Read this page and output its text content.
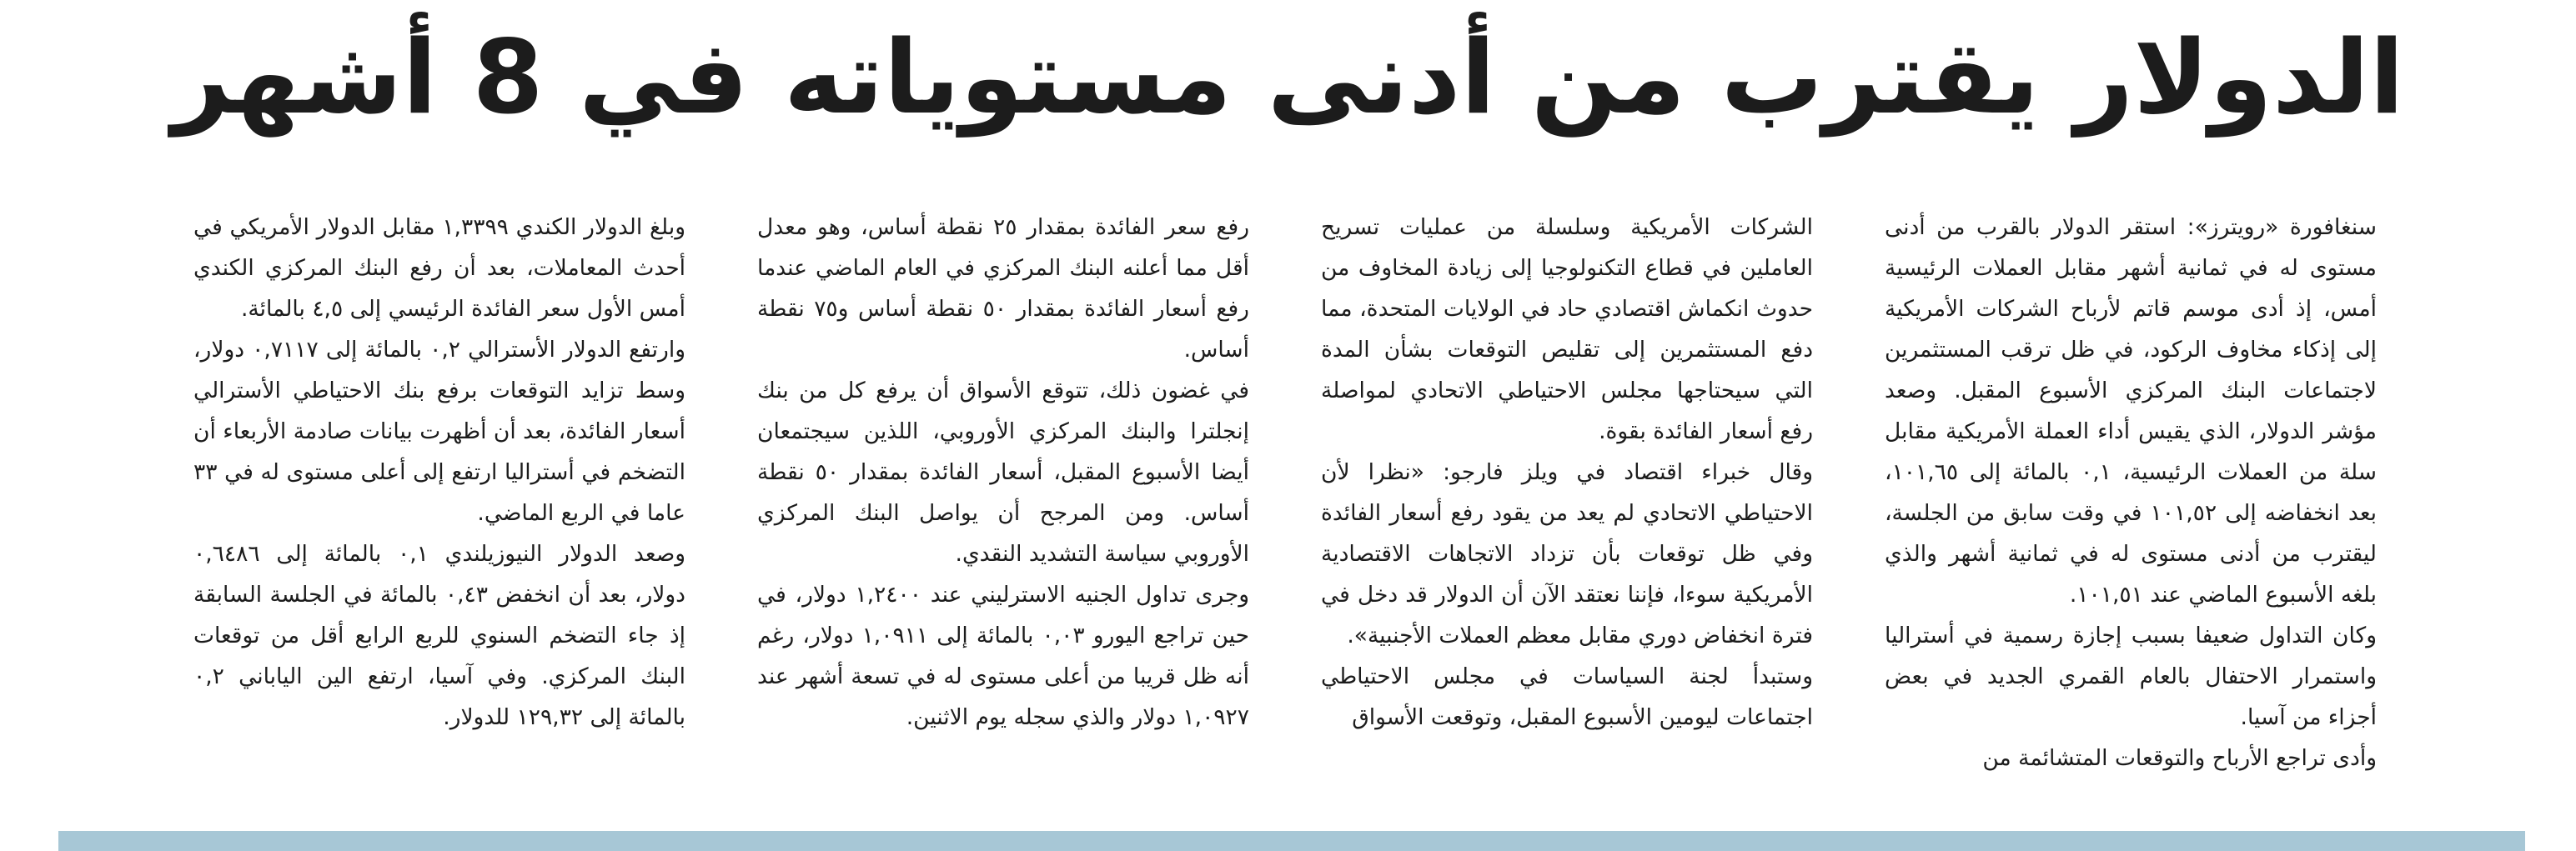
الدولار يقترب من أدنى مستوياته في 8 أشهر

سنغافورة «رويترز»: استقر الدولار بالقرب من أدنى مستوى له في ثمانية أشهر مقابل العملات الرئيسية أمس، إذ أدى موسم قاتم لأرباح الشركات الأمريكية إلى إذكاء مخاوف الركود، في ظل ترقب المستثمرين لاجتماعات البنك المركزي الأسبوع المقبل. وصعد مؤشر الدولار، الذي يقيس أداء العملة الأمريكية مقابل سلة من العملات الرئيسية، ٠,١ بالمائة إلى ١٠١,٦٥، بعد انخفاضه إلى ١٠١,٥٢ في وقت سابق من الجلسة، ليقترب من أدنى مستوى له في ثمانية أشهر والذي بلغه الأسبوع الماضي عند ١٠١,٥١.

وكان التداول ضعيفا بسبب إجازة رسمية في أستراليا واستمرار الاحتفال بالعام القمري الجديد في بعض أجزاء من آسيا.

وأدى تراجع الأرباح والتوقعات المتشائمة من

الشركات الأمريكية وسلسلة من عمليات تسريح العاملين في قطاع التكنولوجيا إلى زيادة المخاوف من حدوث انكماش اقتصادي حاد في الولايات المتحدة، مما دفع المستثمرين إلى تقليص التوقعات بشأن المدة التي سيحتاجها مجلس الاحتياطي الاتحادي لمواصلة رفع أسعار الفائدة بقوة.

وقال خبراء اقتصاد في ويلز فارجو: «نظرا لأن الاحتياطي الاتحادي لم يعد من يقود رفع أسعار الفائدة وفي ظل توقعات بأن تزداد الاتجاهات الاقتصادية الأمريكية سوءا، فإننا نعتقد الآن أن الدولار قد دخل في فترة انخفاض دوري مقابل معظم العملات الأجنبية».

وستبدأ لجنة السياسات في مجلس الاحتياطي اجتماعات ليومين الأسبوع المقبل، وتوقعت الأسواق

رفع سعر الفائدة بمقدار ٢٥ نقطة أساس، وهو معدل أقل مما أعلنه البنك المركزي في العام الماضي عندما رفع أسعار الفائدة بمقدار ٥٠ نقطة أساس و٧٥ نقطة أساس.

في غضون ذلك، تتوقع الأسواق أن يرفع كل من بنك إنجلترا والبنك المركزي الأوروبي، اللذين سيجتمعان أيضا الأسبوع المقبل، أسعار الفائدة بمقدار ٥٠ نقطة أساس. ومن المرجح أن يواصل البنك المركزي الأوروبي سياسة التشديد النقدي.

وجرى تداول الجنيه الاسترليني عند ١,٢٤٠٠ دولار، في حين تراجع اليورو ٠,٠٣ بالمائة إلى ١,٠٩١١ دولار، رغم أنه ظل قريبا من أعلى مستوى له في تسعة أشهر عند ١,٠٩٢٧ دولار والذي سجله يوم الاثنين.

وبلغ الدولار الكندي ١,٣٣٩٩ مقابل الدولار الأمريكي في أحدث المعاملات، بعد أن رفع البنك المركزي الكندي أمس الأول سعر الفائدة الرئيسي إلى ٤,٥ بالمائة.

وارتفع الدولار الأسترالي ٠,٢ بالمائة إلى ٠,٧١١٧ دولار، وسط تزايد التوقعات برفع بنك الاحتياطي الأسترالي أسعار الفائدة، بعد أن أظهرت بيانات صادمة الأربعاء أن التضخم في أستراليا ارتفع إلى أعلى مستوى له في ٣٣ عاما في الربع الماضي.

وصعد الدولار النيوزيلندي ٠,١ بالمائة إلى ٠,٦٤٨٦ دولار، بعد أن انخفض ٠,٤٣ بالمائة في الجلسة السابقة إذ جاء التضخم السنوي للربع الرابع أقل من توقعات البنك المركزي. وفي آسيا، ارتفع الين الياباني ٠,٢ بالمائة إلى ١٢٩,٣٢ للدولار.
